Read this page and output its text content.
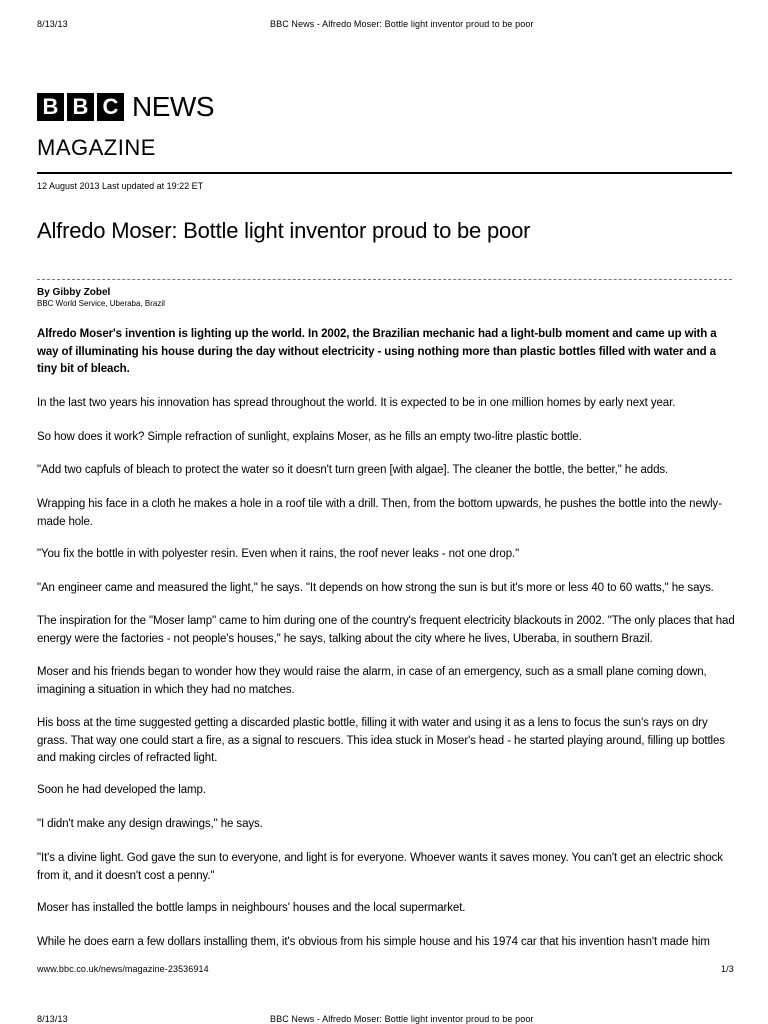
8/13/13	BBC News - Alfredo Moser: Bottle light inventor proud to be poor
B B C NEWS
MAGAZINE
12 August 2013 Last updated at 19:22 ET
Alfredo Moser: Bottle light inventor proud to be poor
By Gibby Zobel
BBC World Service, Uberaba, Brazil
Alfredo Moser's invention is lighting up the world. In 2002, the Brazilian mechanic had a light-bulb moment and came up with a way of illuminating his house during the day without electricity - using nothing more than plastic bottles filled with water and a tiny bit of bleach.
In the last two years his innovation has spread throughout the world. It is expected to be in one million homes by early next year.
So how does it work? Simple refraction of sunlight, explains Moser, as he fills an empty two-litre plastic bottle.
"Add two capfuls of bleach to protect the water so it doesn't turn green [with algae]. The cleaner the bottle, the better," he adds.
Wrapping his face in a cloth he makes a hole in a roof tile with a drill. Then, from the bottom upwards, he pushes the bottle into the newly-made hole.
"You fix the bottle in with polyester resin. Even when it rains, the roof never leaks - not one drop."
"An engineer came and measured the light," he says. "It depends on how strong the sun is but it's more or less 40 to 60 watts," he says.
The inspiration for the "Moser lamp" came to him during one of the country's frequent electricity blackouts in 2002. "The only places that had energy were the factories - not people's houses," he says, talking about the city where he lives, Uberaba, in southern Brazil.
Moser and his friends began to wonder how they would raise the alarm, in case of an emergency, such as a small plane coming down, imagining a situation in which they had no matches.
His boss at the time suggested getting a discarded plastic bottle, filling it with water and using it as a lens to focus the sun's rays on dry grass. That way one could start a fire, as a signal to rescuers. This idea stuck in Moser's head - he started playing around, filling up bottles and making circles of refracted light.
Soon he had developed the lamp.
"I didn't make any design drawings," he says.
"It's a divine light. God gave the sun to everyone, and light is for everyone. Whoever wants it saves money. You can't get an electric shock from it, and it doesn't cost a penny."
Moser has installed the bottle lamps in neighbours' houses and the local supermarket.
While he does earn a few dollars installing them, it's obvious from his simple house and his 1974 car that his invention hasn't made him
www.bbc.co.uk/news/magazine-23536914	1/3
8/13/13	BBC News - Alfredo Moser: Bottle light inventor proud to be poor
